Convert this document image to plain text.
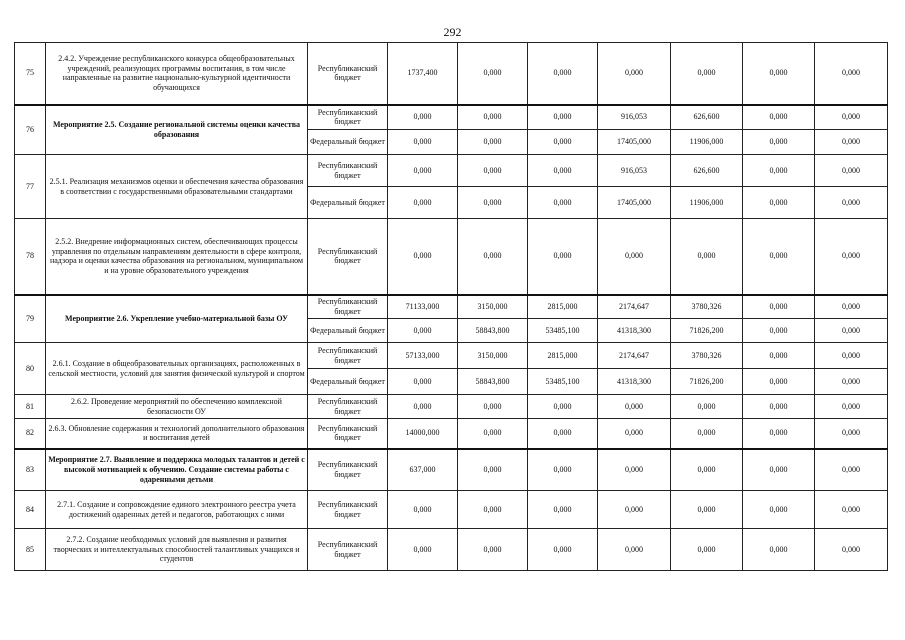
292
75	2.4.2. Учреждение республиканского конкурса общеобразовательных учреждений, реализующих программы воспитания, в том числе направленные на развитие национально-культурной идентичности обучающихся	Республиканский бюджет	1737,400	0,000	0,000	0,000	0,000	0,000	0,000
76	Мероприятие 2.5. Создание региональной системы оценки качества образования	Республиканский бюджет	0,000	0,000	0,000	916,053	626,600	0,000	0,000
		Федеральный бюджет	0,000	0,000	0,000	17405,000	11906,000	0,000	0,000
77	2.5.1. Реализация механизмов оценки и обеспечения качества образования в соответствии с государственными образовательными стандартами	Республиканский бюджет	0,000	0,000	0,000	916,053	626,600	0,000	0,000
		Федеральный бюджет	0,000	0,000	0,000	17405,000	11906,000	0,000	0,000
78	2.5.2. Внедрение информационных систем, обеспечивающих процессы управления по отдельным направлениям деятельности в сфере контроля, надзора и оценки качества образования на региональном, муниципальном и на уровне образовательного учреждения	Республиканский бюджет	0,000	0,000	0,000	0,000	0,000	0,000	0,000
79	Мероприятие 2.6. Укрепление учебно-материальной базы ОУ	Республиканский бюджет	71133,000	3150,000	2815,000	2174,647	3780,326	0,000	0,000
		Федеральный бюджет	0,000	58843,800	53485,100	41318,300	71826,200	0,000	0,000
80	2.6.1. Создание в общеобразовательных организациях, расположенных в сельской местности, условий для занятия физической культурой и спортом	Республиканский бюджет	57133,000	3150,000	2815,000	2174,647	3780,326	0,000	0,000
		Федеральный бюджет	0,000	58843,800	53485,100	41318,300	71826,200	0,000	0,000
81	2.6.2. Проведение мероприятий по обеспечению комплексной безопасности ОУ	Республиканский бюджет	0,000	0,000	0,000	0,000	0,000	0,000	0,000
82	2.6.3. Обновление содержания и технологий дополнительного образования и воспитания детей	Республиканский бюджет	14000,000	0,000	0,000	0,000	0,000	0,000	0,000
83	Мероприятие 2.7. Выявление и поддержка молодых талантов и детей с высокой мотивацией к обучению. Создание системы работы с одаренными детьми	Республиканский бюджет	637,000	0,000	0,000	0,000	0,000	0,000	0,000
84	2.7.1. Создание и сопровождение единого электронного реестра учета достижений одаренных детей и педагогов, работающих с ними	Республиканский бюджет	0,000	0,000	0,000	0,000	0,000	0,000	0,000
85	2.7.2. Создание необходимых условий для выявления и развития творческих и интеллектуальных способностей талантливых учащихся и студентов	Республиканский бюджет	0,000	0,000	0,000	0,000	0,000	0,000	0,000
